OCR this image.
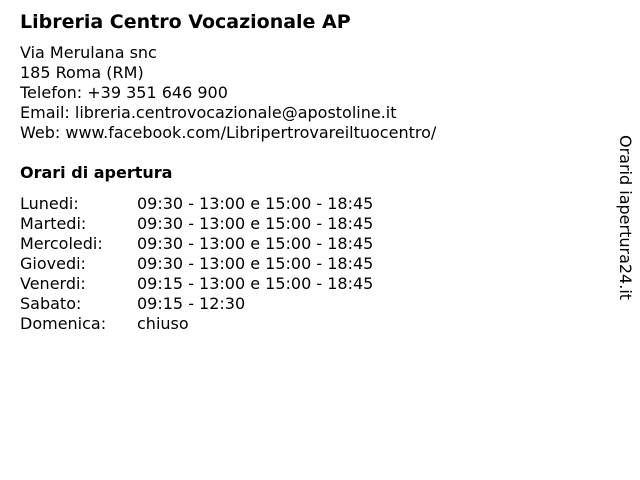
Libreria Centro Vocazionale AP
Via Merulana snc
185 Roma (RM)
Telefon: +39 351 646 900
Email: libreria.centrovocazionale@apostoline.it
Web: www.facebook.com/Libripertrovareiltuocentro/
Orari di apertura
Lunedi:	09:30 - 13:00 e 15:00 - 18:45
Martedi:	09:30 - 13:00 e 15:00 - 18:45
Mercoledi: 09:30 - 13:00 e 15:00 - 18:45
Giovedi:	09:30 - 13:00 e 15:00 - 18:45
Venerdi:	09:15 - 13:00 e 15:00 - 18:45
Sabato:	09:15 - 12:30
Domenica: chiuso
Orarid iapertura24.it
